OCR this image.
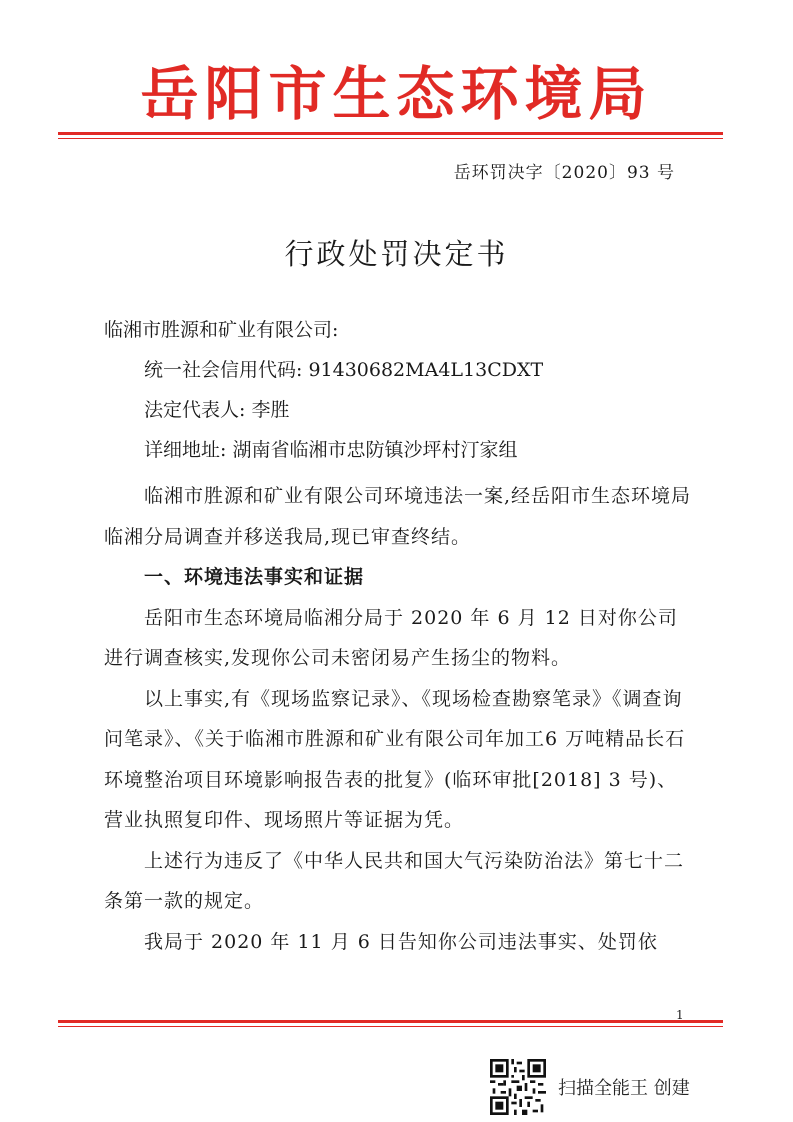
岳阳市生态环境局
岳环罚决字〔2020〕93 号
行政处罚决定书

临湘市胜源和矿业有限公司:

统一社会信用代码: 91430682MA4L13CDXT

法定代表人: 李胜

详细地址: 湖南省临湘市忠防镇沙坪村汀家组

临湘市胜源和矿业有限公司环境违法一案,经岳阳市生态环境局临湘分局调查并移送我局,现已审查终结。

一、环境违法事实和证据

岳阳市生态环境局临湘分局于 2020 年 6 月 12 日对你公司进行调查核实,发现你公司未密闭易产生扬尘的物料。

以上事实,有《现场监察记录》、《现场检查勘察笔录》《调查询问笔录》、《关于临湘市胜源和矿业有限公司年加工6 万吨精品长石环境整治项目环境影响报告表的批复》(临环审批[2018] 3 号)、营业执照复印件、现场照片等证据为凭。

上述行为违反了《中华人民共和国大气污染防治法》第七十二条第一款的规定。

我局于 2020 年 11 月 6 日告知你公司违法事实、处罚依

1
扫描全能王 创建
